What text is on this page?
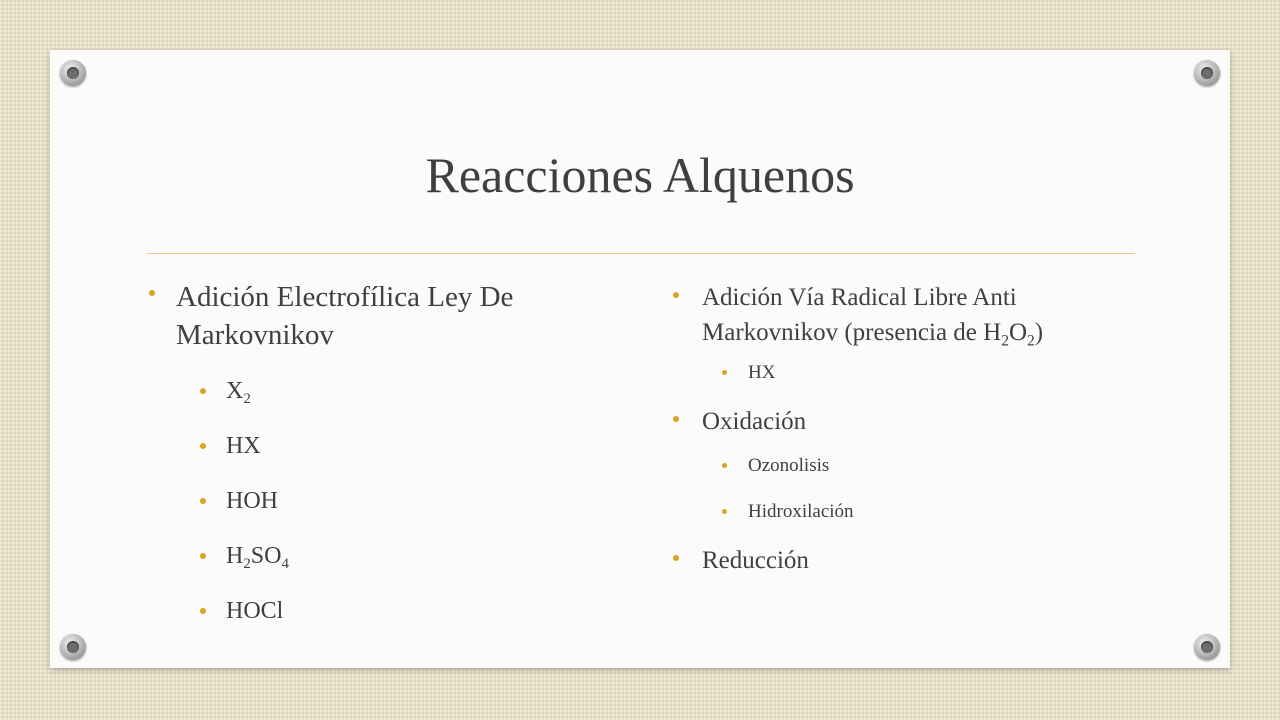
Reacciones Alquenos
Adición Electrofílica Ley De Markovnikov
$X_2$
HX
HOH
$H_2SO_4$
HOCl
Adición Vía Radical Libre Anti Markovnikov (presencia de $H_2O_2$)
HX
Oxidación
Ozonolisis
Hidroxilación
Reducción
